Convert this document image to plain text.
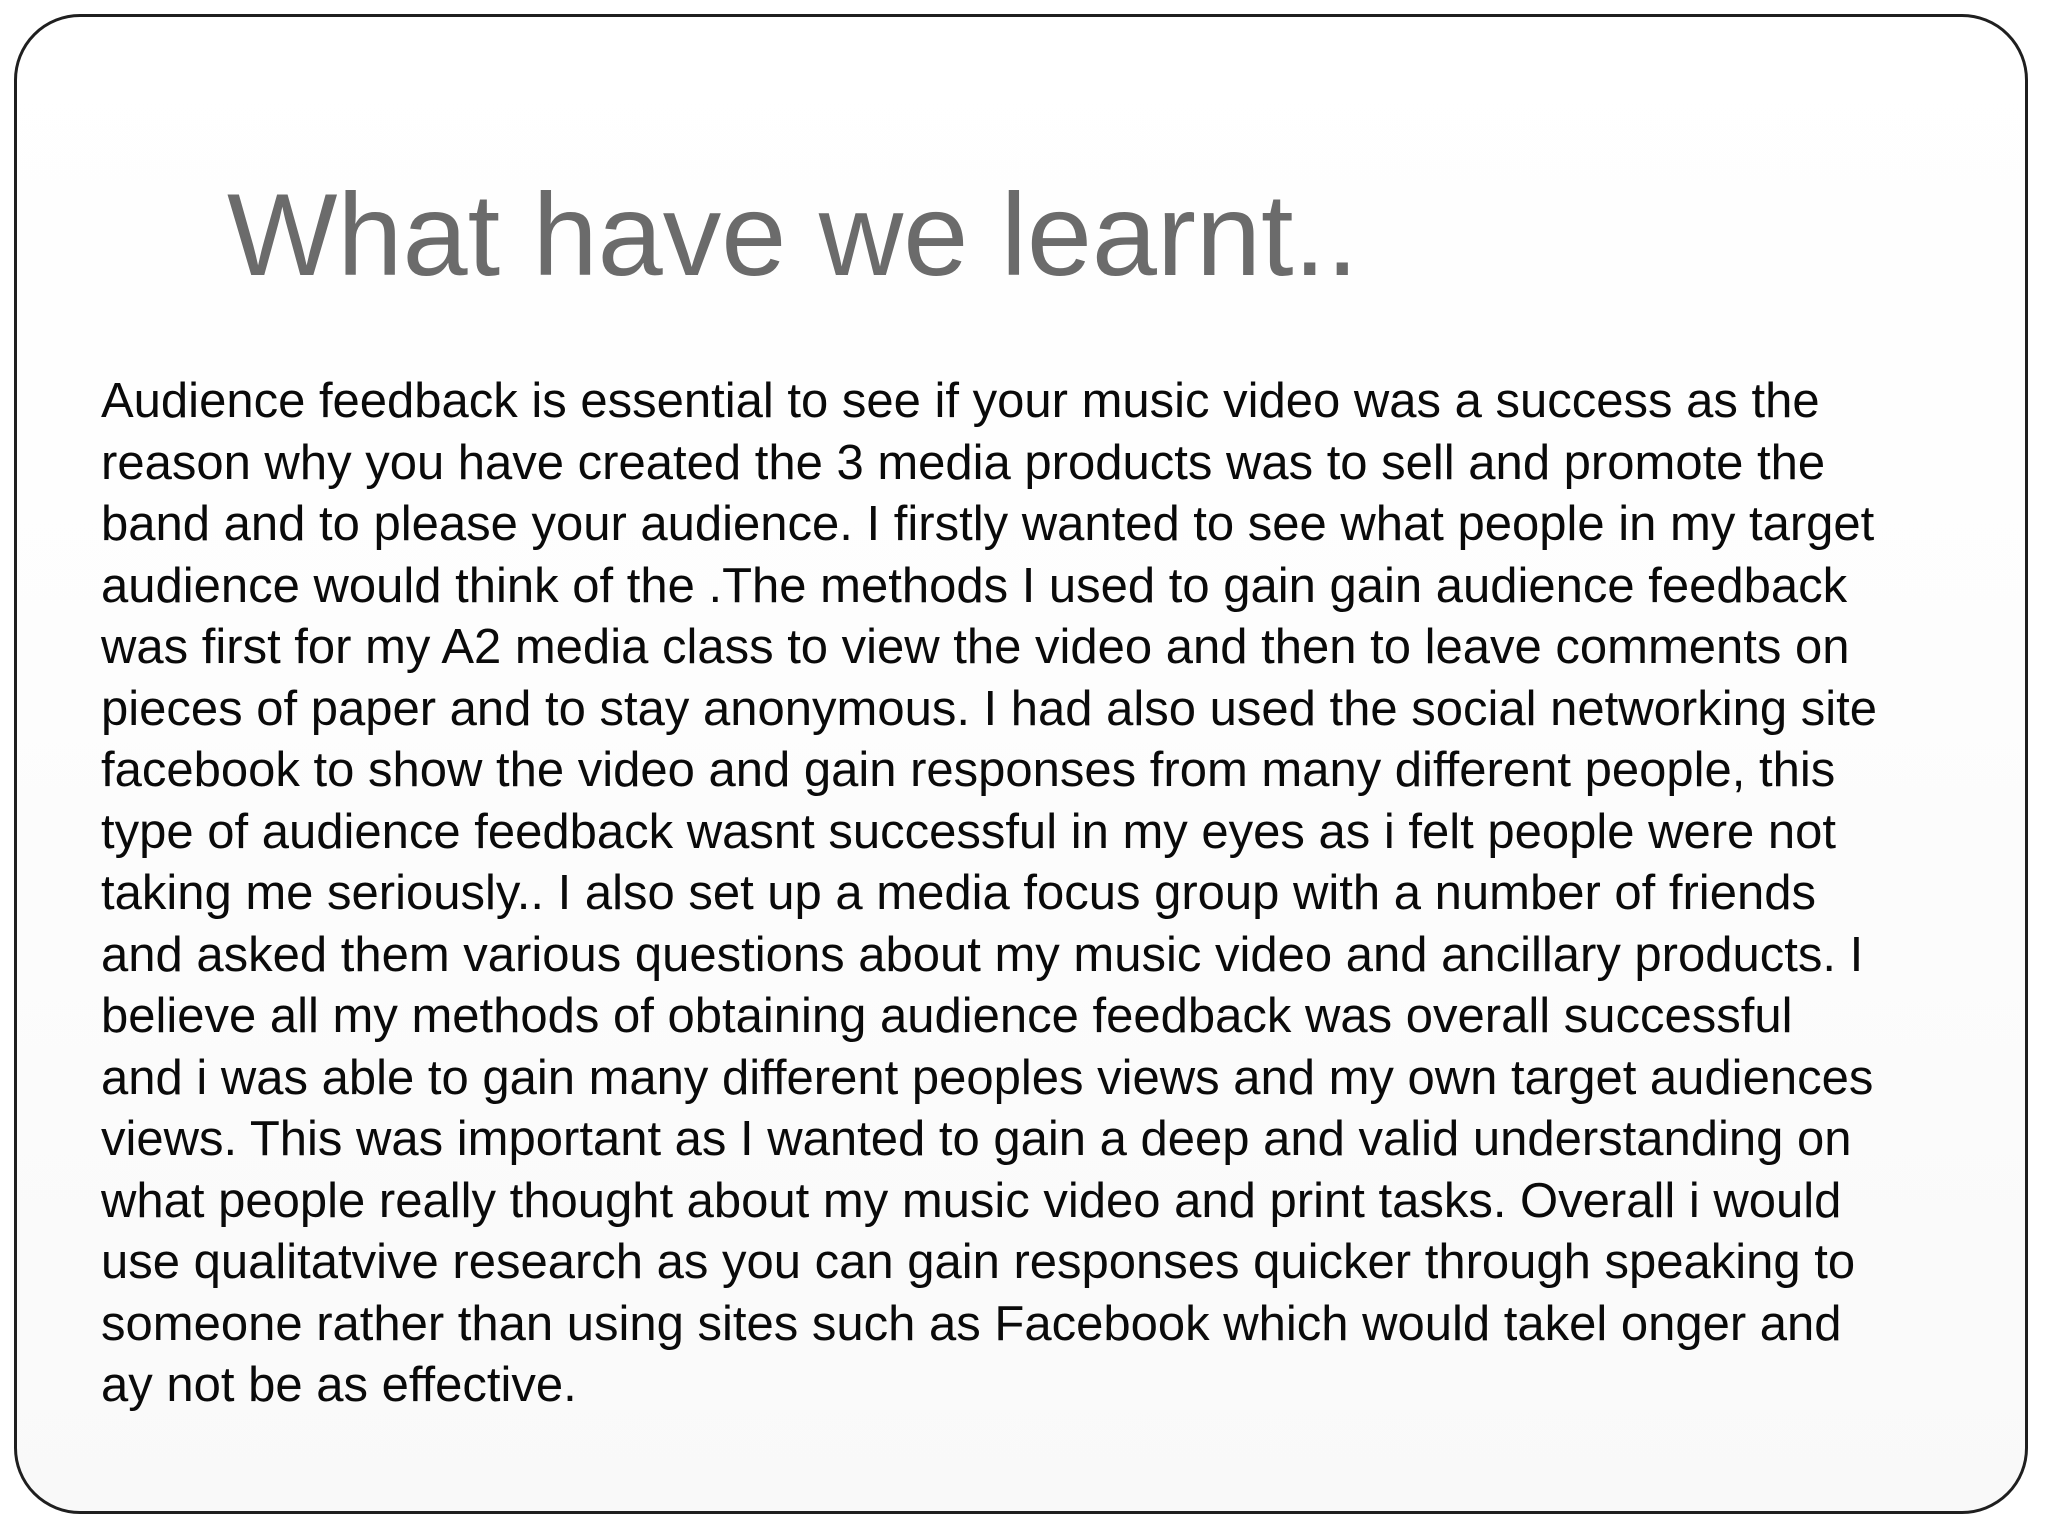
What have we learnt..
Audience feedback is essential to see if your music video was a success as the
reason why you have created the 3 media products was to sell and promote the
band and to please your audience. I firstly wanted to see what people in my target
audience would think of the .The methods I used to gain gain audience feedback
was first for my A2 media class to view the video and then to leave comments on
pieces of paper and to stay anonymous. I had also used the social networking site
facebook to show the video and gain responses from many different people, this
type of audience feedback wasnt successful in my eyes as i felt people were not
taking me seriously.. I also set up a media focus group with a number of friends
and asked them various questions about my music video and ancillary products. I
believe all my methods of obtaining audience feedback was overall successful
and i was able to gain many different peoples views and my own target audiences
views. This was important as I wanted to gain a deep and valid understanding on
what people really thought about my music video and print tasks. Overall i would
use qualitatvive research as you can gain responses quicker through speaking to
someone rather than using sites such as Facebook which would takel onger and
ay not be as effective.
